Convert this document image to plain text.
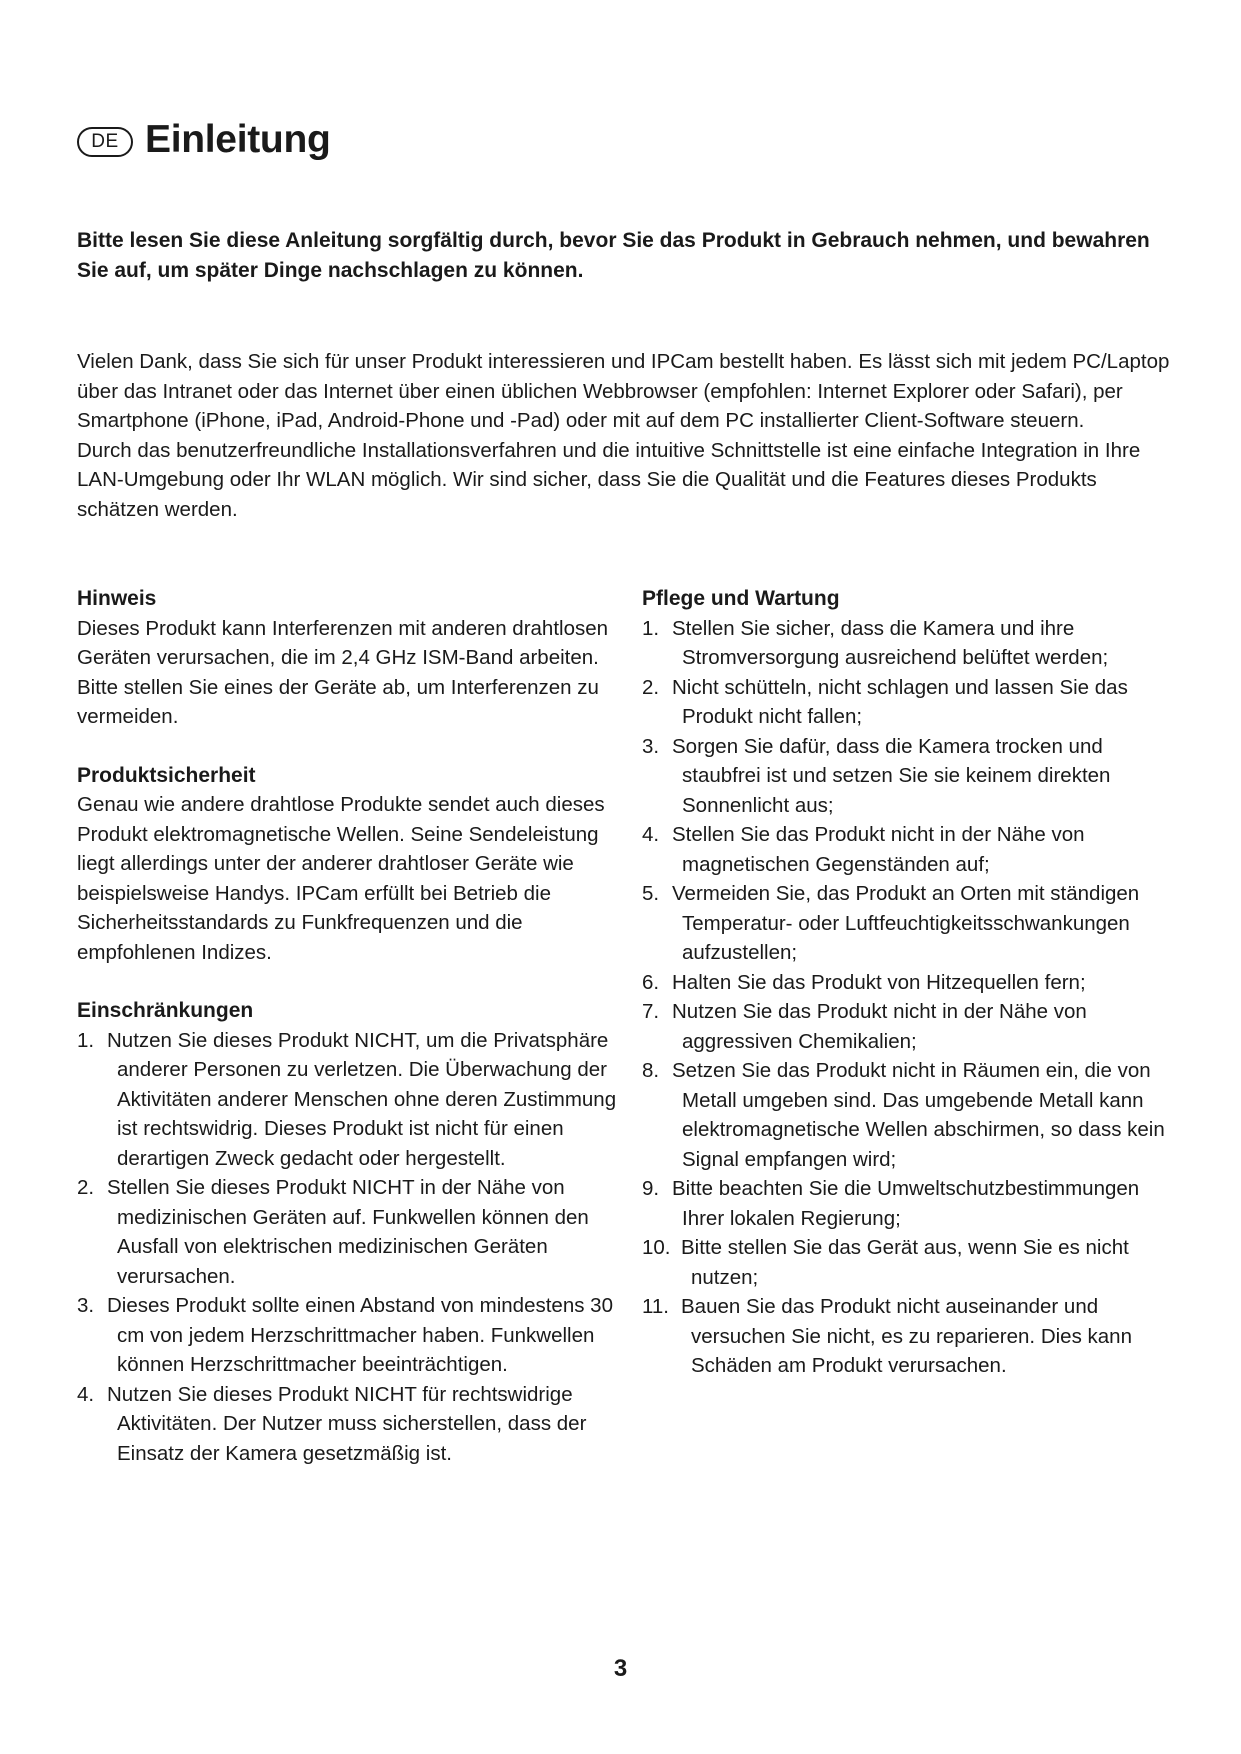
DE Einleitung

Bitte lesen Sie diese Anleitung sorgfältig durch, bevor Sie das Produkt in Gebrauch nehmen, und bewahren Sie auf, um später Dinge nachschlagen zu können.

Vielen Dank, dass Sie sich für unser Produkt interessieren und IPCam bestellt haben. Es lässt sich mit jedem PC/Laptop über das Intranet oder das Internet über einen üblichen Webbrowser (empfohlen: Internet Explorer oder Safari), per Smartphone (iPhone, iPad, Android-Phone und -Pad) oder mit auf dem PC installierter Client-Software steuern.

Durch das benutzerfreundliche Installationsverfahren und die intuitive Schnittstelle ist eine einfache Integration in Ihre LAN-Umgebung oder Ihr WLAN möglich. Wir sind sicher, dass Sie die Qualität und die Features dieses Produkts schätzen werden.

Hinweis

Dieses Produkt kann Interferenzen mit anderen drahtlosen Geräten verursachen, die im 2,4 GHz ISM-Band arbeiten. Bitte stellen Sie eines der Geräte ab, um Interferenzen zu vermeiden.

Produktsicherheit

Genau wie andere drahtlose Produkte sendet auch dieses Produkt elektromagnetische Wellen. Seine Sendeleistung liegt allerdings unter der anderer drahtloser Geräte wie beispielsweise Handys. IPCam erfüllt bei Betrieb die Sicherheitsstandards zu Funkfrequenzen und die empfohlenen Indizes.

Einschränkungen
1. Nutzen Sie dieses Produkt NICHT, um die Privatsphäre anderer Personen zu verletzen. Die Überwachung der Aktivitäten anderer Menschen ohne deren Zustimmung ist rechtswidrig. Dieses Produkt ist nicht für einen derartigen Zweck gedacht oder hergestellt.
2. Stellen Sie dieses Produkt NICHT in der Nähe von medizinischen Geräten auf. Funkwellen können den Ausfall von elektrischen medizinischen Geräten verursachen.
3. Dieses Produkt sollte einen Abstand von mindestens 30 cm von jedem Herzschrittmacher haben. Funkwellen können Herzschrittmacher beeinträchtigen.
4. Nutzen Sie dieses Produkt NICHT für rechtswidrige Aktivitäten. Der Nutzer muss sicherstellen, dass der Einsatz der Kamera gesetzmäßig ist.
Pflege und Wartung
1. Stellen Sie sicher, dass die Kamera und ihre Stromversorgung ausreichend belüftet werden;
2. Nicht schütteln, nicht schlagen und lassen Sie das Produkt nicht fallen;
3. Sorgen Sie dafür, dass die Kamera trocken und staubfrei ist und setzen Sie sie keinem direkten Sonnenlicht aus;
4. Stellen Sie das Produkt nicht in der Nähe von magnetischen Gegenständen auf;
5. Vermeiden Sie, das Produkt an Orten mit ständigen Temperatur- oder Luftfeuchtigkeitsschwankungen aufzustellen;
6. Halten Sie das Produkt von Hitzequellen fern;
7. Nutzen Sie das Produkt nicht in der Nähe von aggressiven Chemikalien;
8. Setzen Sie das Produkt nicht in Räumen ein, die von Metall umgeben sind. Das umgebende Metall kann elektromagnetische Wellen abschirmen, so dass kein Signal empfangen wird;
9. Bitte beachten Sie die Umweltschutzbestimmungen Ihrer lokalen Regierung;
10. Bitte stellen Sie das Gerät aus, wenn Sie es nicht nutzen;
11. Bauen Sie das Produkt nicht auseinander und versuchen Sie nicht, es zu reparieren. Dies kann Schäden am Produkt verursachen.
3
